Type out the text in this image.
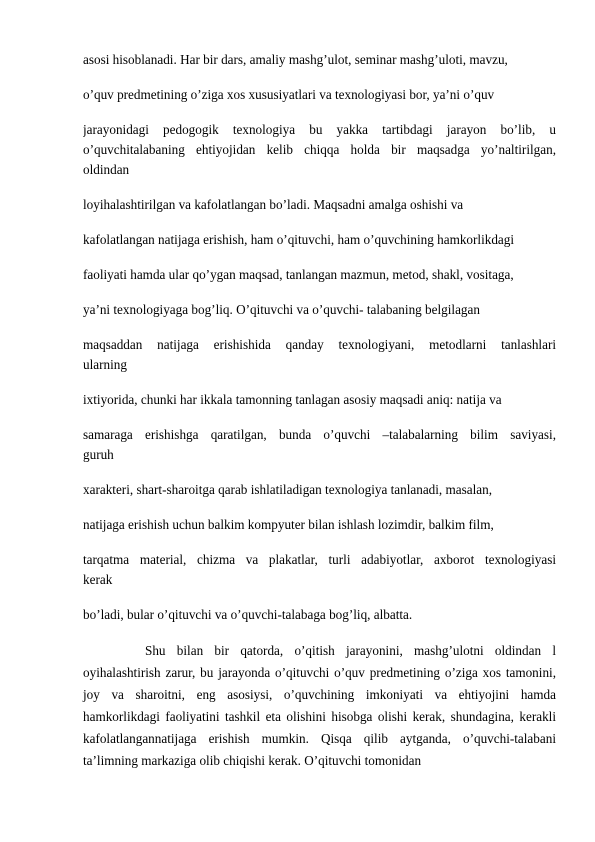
asosi hisoblanadi. Har bir dars, amaliy mashg’ulot, seminar mashg’uloti, mavzu,
o’quv predmetining o’ziga xos xususiyatlari va texnologiyasi bor, ya’ni o’quv
jarayonidagi pedogogik texnologiya bu yakka tartibdagi jarayon bo’lib, u
o’quvchitalabaning ehtiyojidan kelib chiqqa holda bir maqsadga yo’naltirilgan,
oldindan
loyihalashtirilgan va kafolatlangan bo’ladi. Maqsadni amalga oshishi va
kafolatlangan natijaga erishish, ham o’qituvchi, ham o’quvchining hamkorlikdagi
faoliyati hamda ular qo’ygan maqsad, tanlangan mazmun, metod, shakl, vositaga,
ya’ni texnologiyaga bog’liq. O’qituvchi va o’quvchi- talabaning belgilagan
maqsaddan natijaga erishishida qanday texnologiyani, metodlarni tanlashlari
ularning
ixtiyorida, chunki har ikkala tamonning tanlagan asosiy maqsadi aniq: natija va
samaraga erishishga qaratilgan, bunda o’quvchi –talabalarning bilim saviyasi,
guruh
xarakteri, shart-sharoitga qarab ishlatiladigan texnologiya tanlanadi, masalan,
natijaga erishish uchun balkim kompyuter bilan ishlash lozimdir, balkim film,
tarqatma material, chizma va plakatlar, turli adabiyotlar, axborot texnologiyasi
kerak
bo’ladi, bular o’qituvchi va o’quvchi-talabaga bog’liq, albatta.
Shu bilan bir qatorda, o’qitish jarayonini, mashg’ulotni oldindan l oyihalashtirish zarur, bu jarayonda o’qituvchi o’quv predmetining o’ziga xos tamonini, joy va sharoitni, eng asosiysi, o’quvchining imkoniyati va ehtiyojini hamda hamkorlikdagi faoliyatini tashkil eta olishini hisobga olishi kerak, shundagina, kerakli kafolatlangannatijaga erishish mumkin. Qisqa qilib aytganda, o’quvchi-talabani ta’limning markaziga olib chiqishi kerak. O’qituvchi tomonidan
